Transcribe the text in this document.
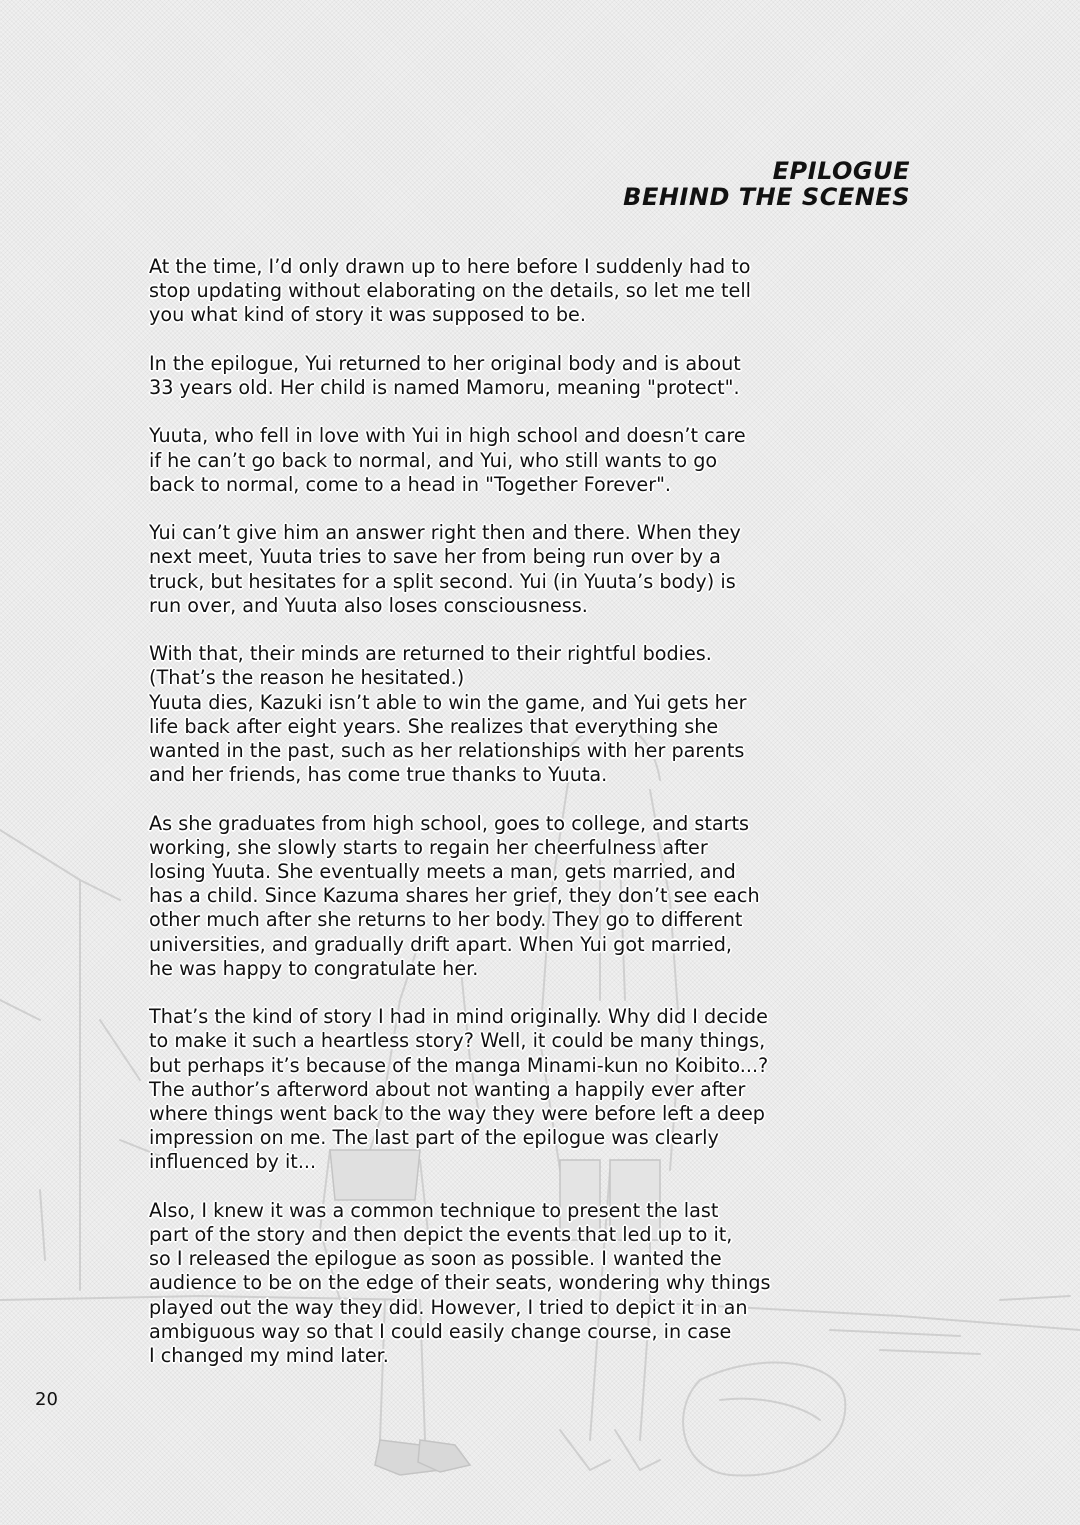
EPILOGUE
BEHIND THE SCENES
At the time, I’d only drawn up to here before I suddenly had to
stop updating without elaborating on the details, so let me tell
you what kind of story it was supposed to be.
In the epilogue, Yui returned to her original body and is about
33 years old. Her child is named Mamoru, meaning "protect".
Yuuta, who fell in love with Yui in high school and doesn’t care
if he can’t go back to normal, and Yui, who still wants to go
back to normal, come to a head in "Together Forever".
Yui can’t give him an answer right then and there. When they
next meet, Yuuta tries to save her from being run over by a
truck, but hesitates for a split second. Yui (in Yuuta’s body) is
run over, and Yuuta also loses consciousness.
With that, their minds are returned to their rightful bodies.
(That’s the reason he hesitated.)
Yuuta dies, Kazuki isn’t able to win the game, and Yui gets her
life back after eight years. She realizes that everything she
wanted in the past, such as her relationships with her parents
and her friends, has come true thanks to Yuuta.
As she graduates from high school, goes to college, and starts
working, she slowly starts to regain her cheerfulness after
losing Yuuta. She eventually meets a man, gets married, and
has a child. Since Kazuma shares her grief, they don’t see each
other much after she returns to her body. They go to different
universities, and gradually drift apart. When Yui got married,
he was happy to congratulate her.
That’s the kind of story I had in mind originally. Why did I decide
to make it such a heartless story? Well, it could be many things,
but perhaps it’s because of the manga Minami-kun no Koibito...?
The author’s afterword about not wanting a happily ever after
where things went back to the way they were before left a deep
impression on me. The last part of the epilogue was clearly
influenced by it...
Also, I knew it was a common technique to present the last
part of the story and then depict the events that led up to it,
so I released the epilogue as soon as possible. I wanted the
audience to be on the edge of their seats, wondering why things
played out the way they did. However, I tried to depict it in an
ambiguous way so that I could easily change course, in case
I changed my mind later.
20
